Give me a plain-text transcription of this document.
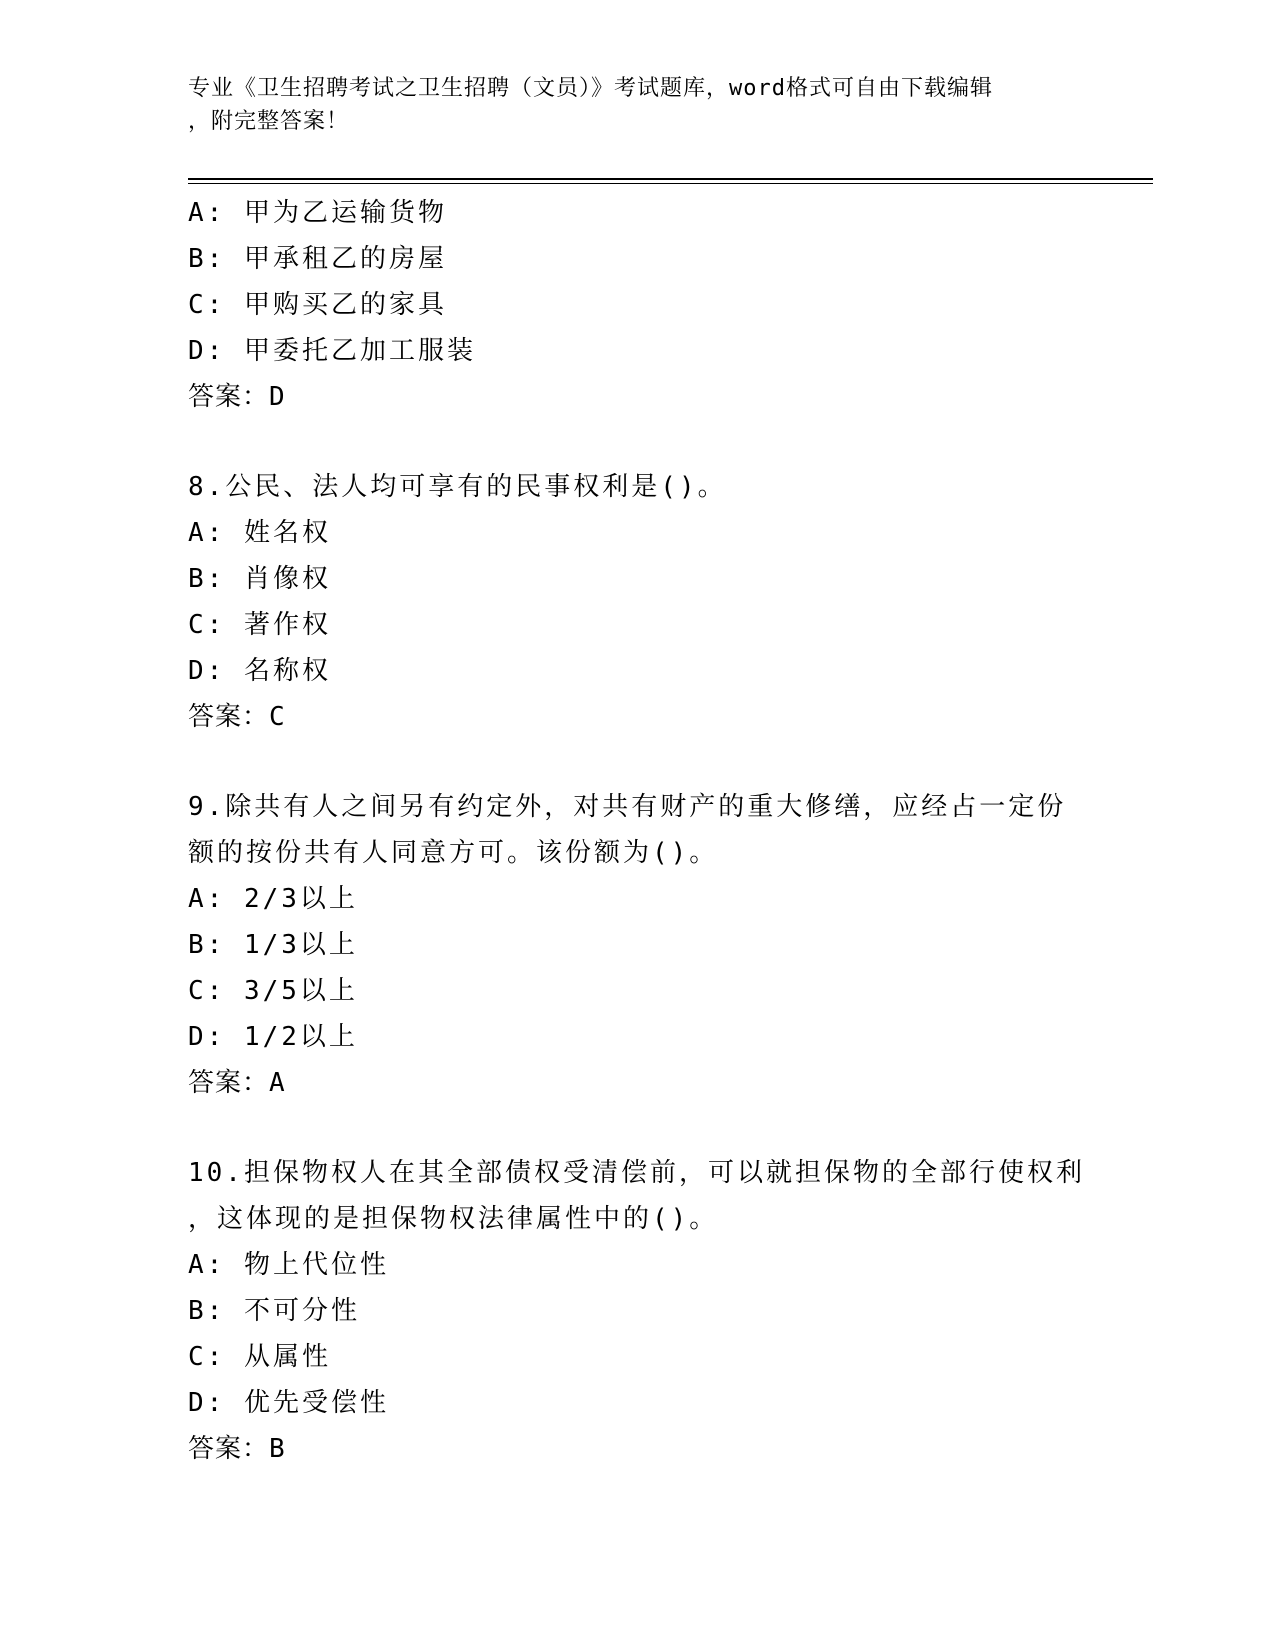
专业《卫生招聘考试之卫生招聘（文员）》考试题库，word格式可自由下载编辑
，附完整答案！

A: 甲为乙运输货物

B: 甲承租乙的房屋

C: 甲购买乙的家具

D: 甲委托乙加工服装

答案：D

8.公民、法人均可享有的民事权利是()。

A: 姓名权

B: 肖像权

C: 著作权

D: 名称权

答案：C

9.除共有人之间另有约定外，对共有财产的重大修缮，应经占一定份
额的按份共有人同意方可。该份额为()。

A: 2/3以上

B: 1/3以上

C: 3/5以上

D: 1/2以上

答案：A

10.担保物权人在其全部债权受清偿前，可以就担保物的全部行使权利
，这体现的是担保物权法律属性中的()。

A: 物上代位性

B: 不可分性

C: 从属性

D: 优先受偿性

答案：B
